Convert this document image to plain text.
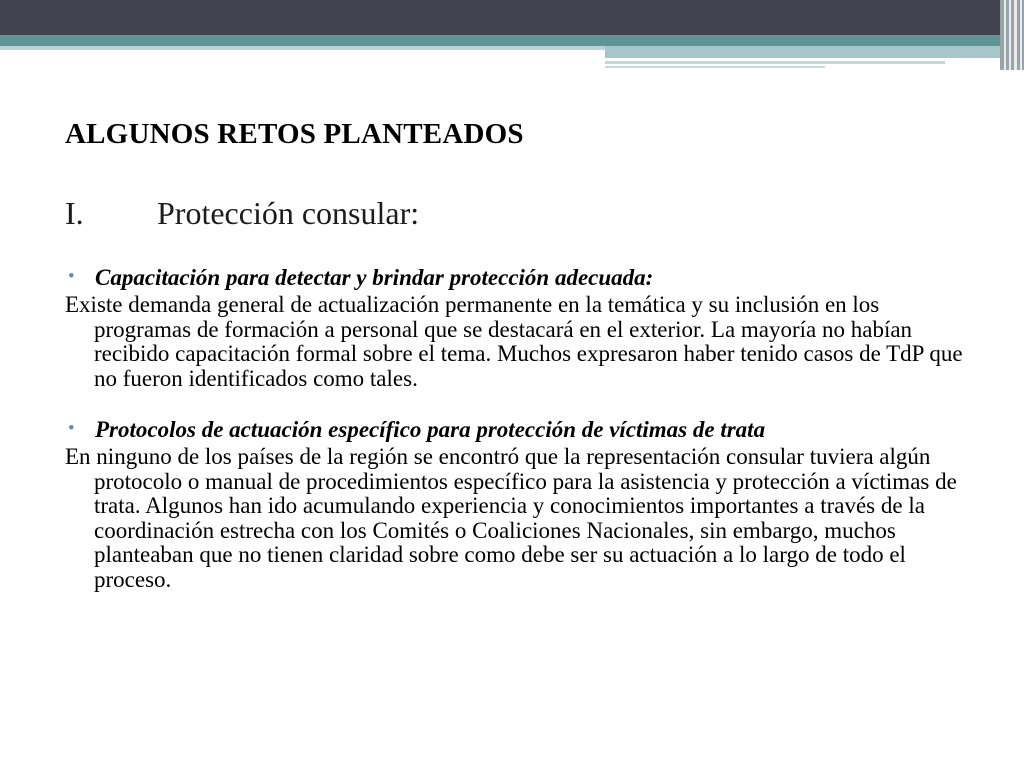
ALGUNOS RETOS PLANTEADOS
I. Protección consular:

• Capacitación para detectar y brindar protección adecuada:

Existe demanda general de actualización permanente en la temática y su inclusión en los programas de formación a personal que se destacará en el exterior. La mayoría no habían recibido capacitación formal sobre el tema. Muchos expresaron haber tenido casos de TdP que no fueron identificados como tales.

• Protocolos de actuación específico para protección de víctimas de trata

En ninguno de los países de la región se encontró que la representación consular tuviera algún protocolo o manual de procedimientos específico para la asistencia y protección a víctimas de trata. Algunos han ido acumulando experiencia y conocimientos importantes a través de la coordinación estrecha con los Comités o Coaliciones Nacionales, sin embargo, muchos planteaban que no tienen claridad sobre como debe ser su actuación a lo largo de todo el proceso.
